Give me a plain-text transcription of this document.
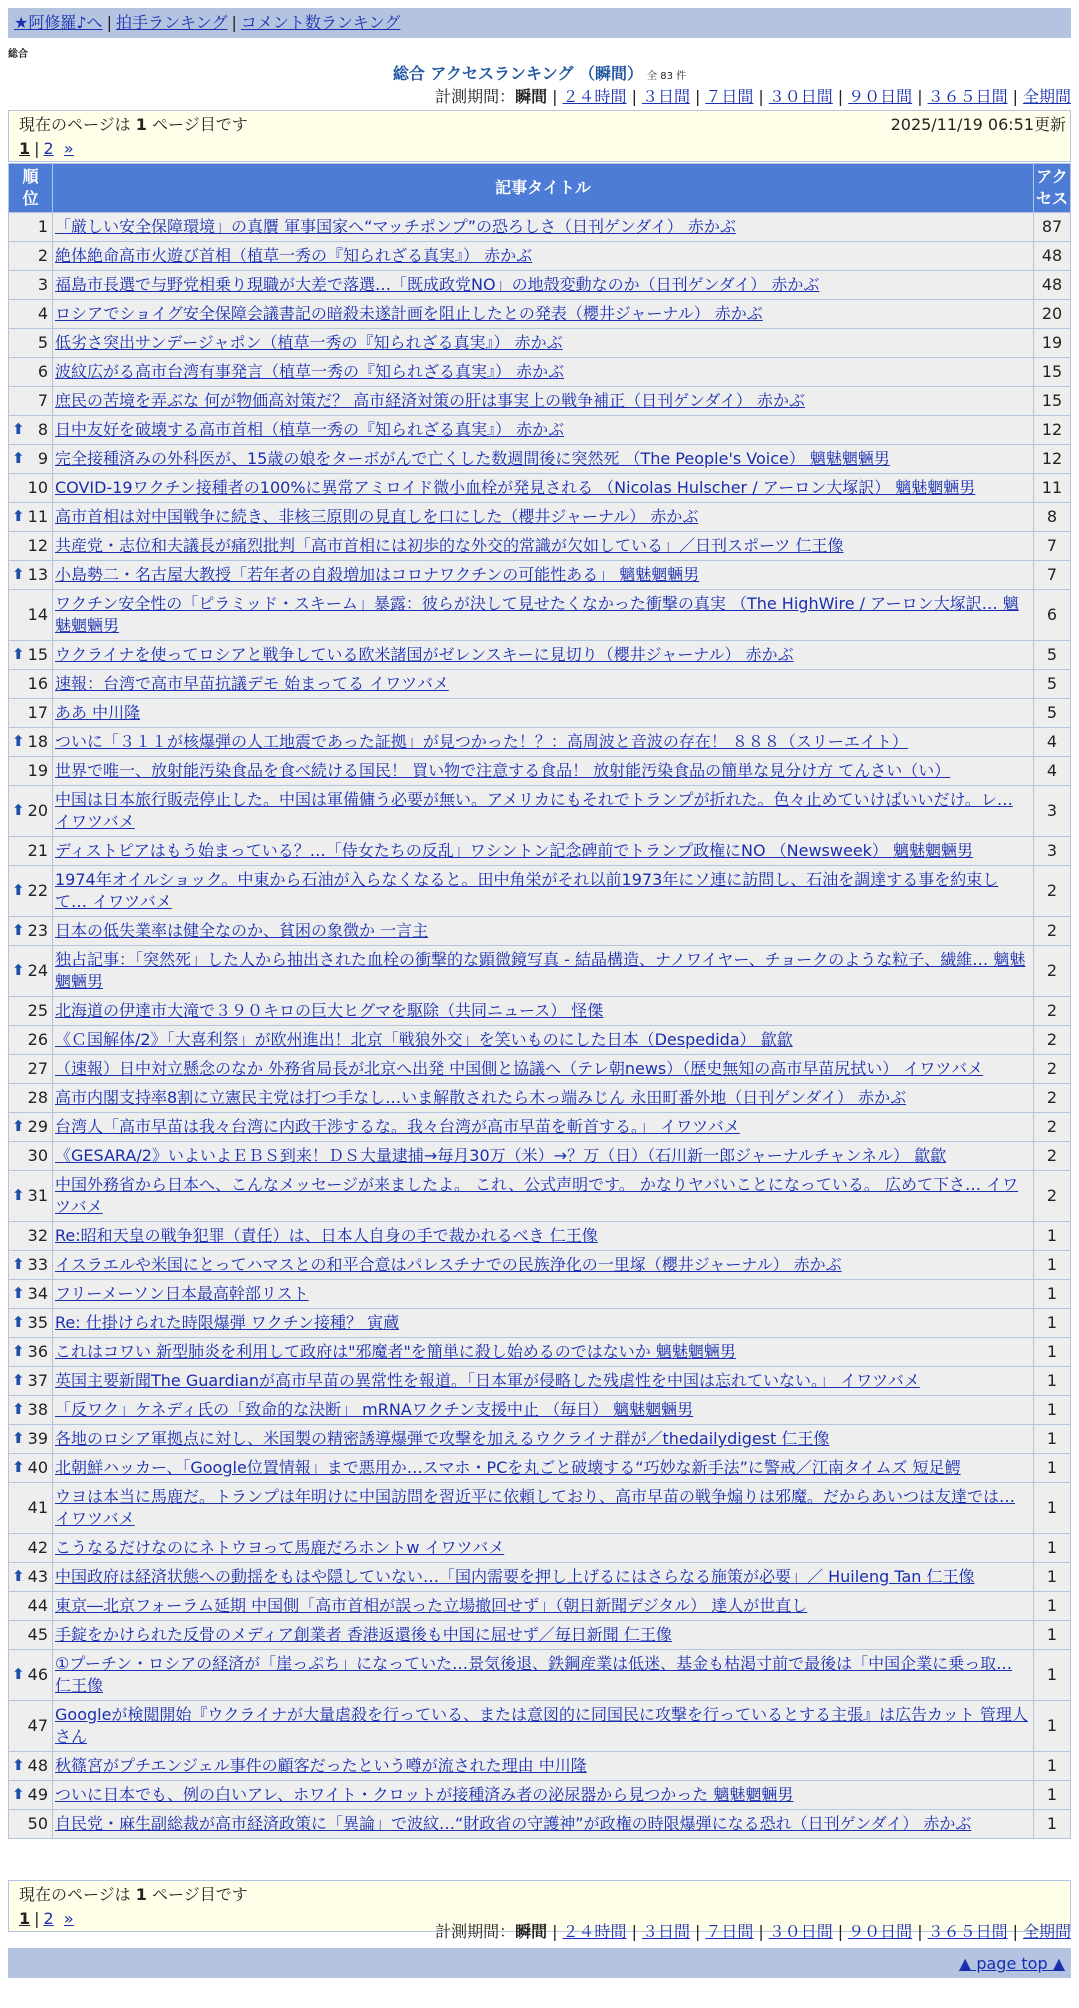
★阿修羅♪へ | 拍手ランキング | コメント数ランキング
総合
総合 アクセスランキング （瞬間） 全 83 件
計測期間：瞬間 | ２４時間 | ３日間 | ７日間 | ３０日間 | ９０日間 | ３６５日間 | 全期間
現在のページは 1 ページ目です	2025/11/19 06:51更新
1 | 2 »
順
位	記事タイトル	アク
セス
1	「厳しい安全保障環境」の真贋 軍事国家へ“マッチポンプ”の恐ろしさ（日刊ゲンダイ） 赤かぶ	87
2	絶体絶命高市火遊び首相（植草一秀の『知られざる真実』） 赤かぶ	48
3	福島市長選で与野党相乗り現職が大差で落選…「既成政党NO」の地殻変動なのか（日刊ゲンダイ） 赤かぶ	48
4	ロシアでショイグ安全保障会議書記の暗殺未遂計画を阻止したとの発表（櫻井ジャーナル） 赤かぶ	20
5	低劣さ突出サンデージャポン（植草一秀の『知られざる真実』） 赤かぶ	19
6	波紋広がる高市台湾有事発言（植草一秀の『知られざる真実』） 赤かぶ	15
7	庶民の苦境を弄ぶな 何が物価高対策だ？ 高市経済対策の肝は事実上の戦争補正（日刊ゲンダイ） 赤かぶ	15

⬆ 8	日中友好を破壊する高市首相（植草一秀の『知られざる真実』） 赤かぶ	12

⬆ 9	完全接種済みの外科医が、15歳の娘をターボがんで亡くした数週間後に突然死 （The People's Voice） 魑魅魍魎男	12
10	COVID-19ワクチン接種者の100%に異常アミロイド微小血栓が発見される （Nicolas Hulscher / アーロン大塚訳） 魑魅魍魎男	11

⬆ 11	高市首相は対中国戦争に続き、非核三原則の見直しを口にした（櫻井ジャーナル） 赤かぶ	8
12	共産党・志位和夫議長が痛烈批判「高市首相には初歩的な外交的常識が欠如している」／日刊スポーツ 仁王像	7

⬆ 13	小島勢二・名古屋大教授「若年者の自殺増加はコロナワクチンの可能性ある」 魑魅魍魎男	7
14	ワクチン安全性の「ピラミッド・スキーム」暴露：彼らが決して見せたくなかった衝撃の真実 （The HighWire / アーロン大塚訳… 魑魅魍魎男	6

⬆ 15	ウクライナを使ってロシアと戦争している欧米諸国がゼレンスキーに見切り（櫻井ジャーナル） 赤かぶ	5
16	速報：台湾で高市早苗抗議デモ 始まってる イワツバメ	5
17	ああ 中川隆	5

⬆ 18	ついに「３１１が核爆弾の人工地震であった証拠」が見つかった！？：高周波と音波の存在！ ８８８（スリーエイト）	4
19	世界で唯一、放射能汚染食品を食べ続ける国民！ 買い物で注意する食品！ 放射能汚染食品の簡単な見分け方 てんさい（い）	4

⬆ 20	中国は日本旅行販売停止した。中国は軍備傭う必要が無い。アメリカにもそれでトランプが折れた。色々止めていけばいいだけ。レ… イワツバメ	3
21	ディストピアはもう始まっている？…「侍女たちの反乱」ワシントン記念碑前でトランプ政権にNO （Newsweek） 魑魅魍魎男	3

⬆ 22	1974年オイルショック。中東から石油が入らなくなると。田中角栄がそれ以前1973年にソ連に訪問し、石油を調達する事を約束して… イワツバメ	2

⬆ 23	日本の低失業率は健全なのか、貧困の象徴か 一言主	2

⬆ 24	独占記事：「突然死」した人から抽出された血栓の衝撃的な顕微鏡写真 - 結晶構造、ナノワイヤー、チョークのような粒子、繊維… 魑魅魍魎男	2
25	北海道の伊達市大滝で３９０キロの巨大ヒグマを駆除（共同ニュース） 怪傑	2
26	《Ｃ国解体/2》「大喜利祭」が欧州進出！北京「戦狼外交」を笑いものにした日本（Despedida） 歙歙	2
27	（速報）日中対立懸念のなか 外務省局長が北京へ出発 中国側と協議へ（テレ朝news）（歴史無知の高市早苗尻拭い） イワツバメ	2
28	高市内閣支持率8割に立憲民主党は打つ手なし…いま解散されたら木っ端みじん 永田町番外地（日刊ゲンダイ） 赤かぶ	2

⬆ 29	台湾人「高市早苗は我々台湾に内政干渉するな。我々台湾が高市早苗を斬首する。」 イワツバメ	2
30	《GESARA/2》いよいよＥＢＳ到来！ＤＳ大量逮捕→毎月30万（米）→？万（日）（石川新一郎ジャーナルチャンネル） 歙歙	2

⬆ 31	中国外務省から日本へ、こんなメッセージが来ましたよ。 これ、公式声明です。 かなりヤバいことになっている。 広めて下さ… イワツバメ	2
32	Re:昭和天皇の戦争犯罪（責任）は、日本人自身の手で裁かれるべき 仁王像	1

⬆ 33	イスラエルや米国にとってハマスとの和平合意はパレスチナでの民族浄化の一里塚（櫻井ジャーナル） 赤かぶ	1

⬆ 34	フリーメーソン日本最高幹部リスト	1

⬆ 35	Re: 仕掛けられた時限爆弾 ワクチン接種？ 寅蔵	1

⬆ 36	これはコワい 新型肺炎を利用して政府は"邪魔者"を簡単に殺し始めるのではないか 魑魅魍魎男	1

⬆ 37	英国主要新聞The Guardianが高市早苗の異常性を報道。「日本軍が侵略した残虐性を中国は忘れていない。」 イワツバメ	1

⬆ 38	「反ワク」ケネディ氏の「致命的な決断」 mRNAワクチン支援中止 （毎日） 魑魅魍魎男	1

⬆ 39	各地のロシア軍拠点に対し、米国製の精密誘導爆弾で攻撃を加えるウクライナ群が／thedailydigest 仁王像	1

⬆ 40	北朝鮮ハッカー、「Google位置情報」まで悪用か…スマホ・PCを丸ごと破壊する“巧妙な新手法”に警戒／江南タイムズ 短足鰐	1
41	ウヨは本当に馬鹿だ。トランプは年明けに中国訪問を習近平に依頼しており、高市早苗の戦争煽りは邪魔。だからあいつは友達では… イワツバメ	1
42	こうなるだけなのにネトウヨって馬鹿だろホントw イワツバメ	1

⬆ 43	中国政府は経済状態への動揺をもはや隠していない…「国内需要を押し上げるにはさらなる施策が必要」／ Huileng Tan 仁王像	1
44	東京―北京フォーラム延期 中国側「高市首相が誤った立場撤回せず」（朝日新聞デジタル） 達人が世直し	1
45	手錠をかけられた反骨のメディア創業者 香港返還後も中国に屈せず／毎日新聞 仁王像	1

⬆ 46	①プーチン・ロシアの経済が「崖っぷち」になっていた…景気後退、鉄鋼産業は低迷、基金も枯渇寸前で最後は「中国企業に乗っ取… 仁王像	1
47	Googleが検閲開始『ウクライナが大量虐殺を行っている、または意図的に同国民に攻撃を行っているとする主張』は広告カット 管理人さん	1

⬆ 48	秋篠宮がプチエンジェル事件の顧客だったという噂が流された理由 中川隆	1

⬆ 49	ついに日本でも、例の白いアレ、ホワイト・クロットが接種済み者の泌尿器から見つかった 魑魅魍魎男	1
50	自民党・麻生副総裁が高市経済政策に「異論」で波紋…“財政省の守護神”が政権の時限爆弾になる恐れ（日刊ゲンダイ） 赤かぶ	1
現在のページは 1 ページ目です
1 | 2 »
計測期間：瞬間 | ２４時間 | ３日間 | ７日間 | ３０日間 | ９０日間 | ３６５日間 | 全期間
▲ page top ▲
